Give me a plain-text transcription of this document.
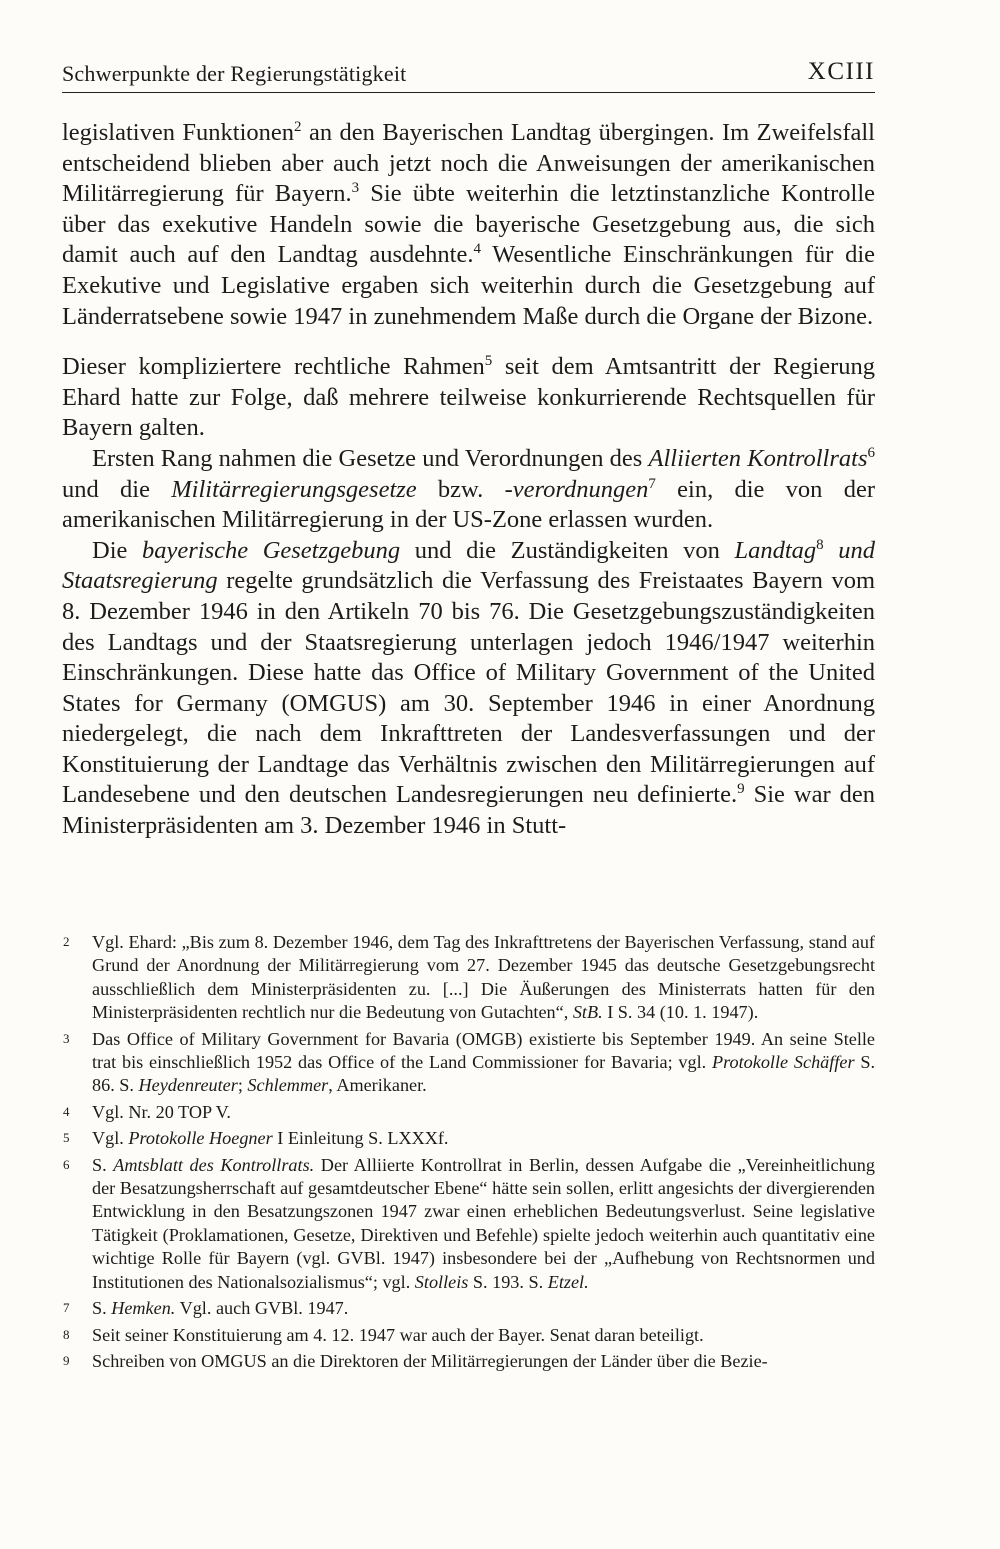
Schwerpunkte der Regierungstätigkeit	XCIII

legislativen Funktionen$^2$ an den Bayerischen Landtag übergingen. Im Zweifelsfall entscheidend blieben aber auch jetzt noch die Anweisungen der amerikanischen Militärregierung für Bayern.$^3$ Sie übte weiterhin die letztinstanzliche Kontrolle über das exekutive Handeln sowie die bayerische Gesetzgebung aus, die sich damit auch auf den Landtag ausdehnte.$^4$ Wesentliche Einschränkungen für die Exekutive und Legislative ergaben sich weiterhin durch die Gesetzgebung auf Länderratsebene sowie 1947 in zunehmendem Maße durch die Organe der Bizone.

Dieser kompliziertere rechtliche Rahmen$^5$ seit dem Amtsantritt der Regierung Ehard hatte zur Folge, daß mehrere teilweise konkurrierende Rechtsquellen für Bayern galten.

Ersten Rang nahmen die Gesetze und Verordnungen des Alliierten Kontrollrats$^6$ und die Militärregierungsgesetze bzw. -verordnungen$^7$ ein, die von der amerikanischen Militärregierung in der US-Zone erlassen wurden.

Die bayerische Gesetzgebung und die Zuständigkeiten von Landtag$^8$ und Staatsregierung regelte grundsätzlich die Verfassung des Freistaates Bayern vom 8. Dezember 1946 in den Artikeln 70 bis 76. Die Gesetzgebungszuständigkeiten des Landtags und der Staatsregierung unterlagen jedoch 1946/1947 weiterhin Einschränkungen. Diese hatte das Office of Military Government of the United States for Germany (OMGUS) am 30. September 1946 in einer Anordnung niedergelegt, die nach dem Inkrafttreten der Landesverfassungen und der Konstituierung der Landtage das Verhältnis zwischen den Militärregierungen auf Landesebene und den deutschen Landesregierungen neu definierte.$^9$ Sie war den Ministerpräsidenten am 3. Dezember 1946 in Stutt-

2 Vgl. Ehard: „Bis zum 8. Dezember 1946, dem Tag des Inkrafttretens der Bayerischen Verfassung, stand auf Grund der Anordnung der Militärregierung vom 27. Dezember 1945 das deutsche Gesetzgebungsrecht ausschließlich dem Ministerpräsidenten zu. [...] Die Äußerungen des Ministerrats hatten für den Ministerpräsidenten rechtlich nur die Bedeutung von Gutachten“, StB. I S. 34 (10. 1. 1947).

3 Das Office of Military Government for Bavaria (OMGB) existierte bis September 1949. An seine Stelle trat bis einschließlich 1952 das Office of the Land Commissioner for Bavaria; vgl. Protokolle Schäffer S. 86. S. Heydenreuter; Schlemmer, Amerikaner.

4 Vgl. Nr. 20 TOP V.

5 Vgl. Protokolle Hoegner I Einleitung S. LXXXf.

6 S. Amtsblatt des Kontrollrats. Der Alliierte Kontrollrat in Berlin, dessen Aufgabe die „Vereinheitlichung der Besatzungsherrschaft auf gesamtdeutscher Ebene“ hätte sein sollen, erlitt angesichts der divergierenden Entwicklung in den Besatzungszonen 1947 zwar einen erheblichen Bedeutungsverlust. Seine legislative Tätigkeit (Proklamationen, Gesetze, Direktiven und Befehle) spielte jedoch weiterhin auch quantitativ eine wichtige Rolle für Bayern (vgl. GVBl. 1947) insbesondere bei der „Aufhebung von Rechtsnormen und Institutionen des Nationalsozialismus“; vgl. Stolleis S. 193. S. Etzel.

7 S. Hemken. Vgl. auch GVBl. 1947.

8 Seit seiner Konstituierung am 4. 12. 1947 war auch der Bayer. Senat daran beteiligt.

9 Schreiben von OMGUS an die Direktoren der Militärregierungen der Länder über die Bezie-
